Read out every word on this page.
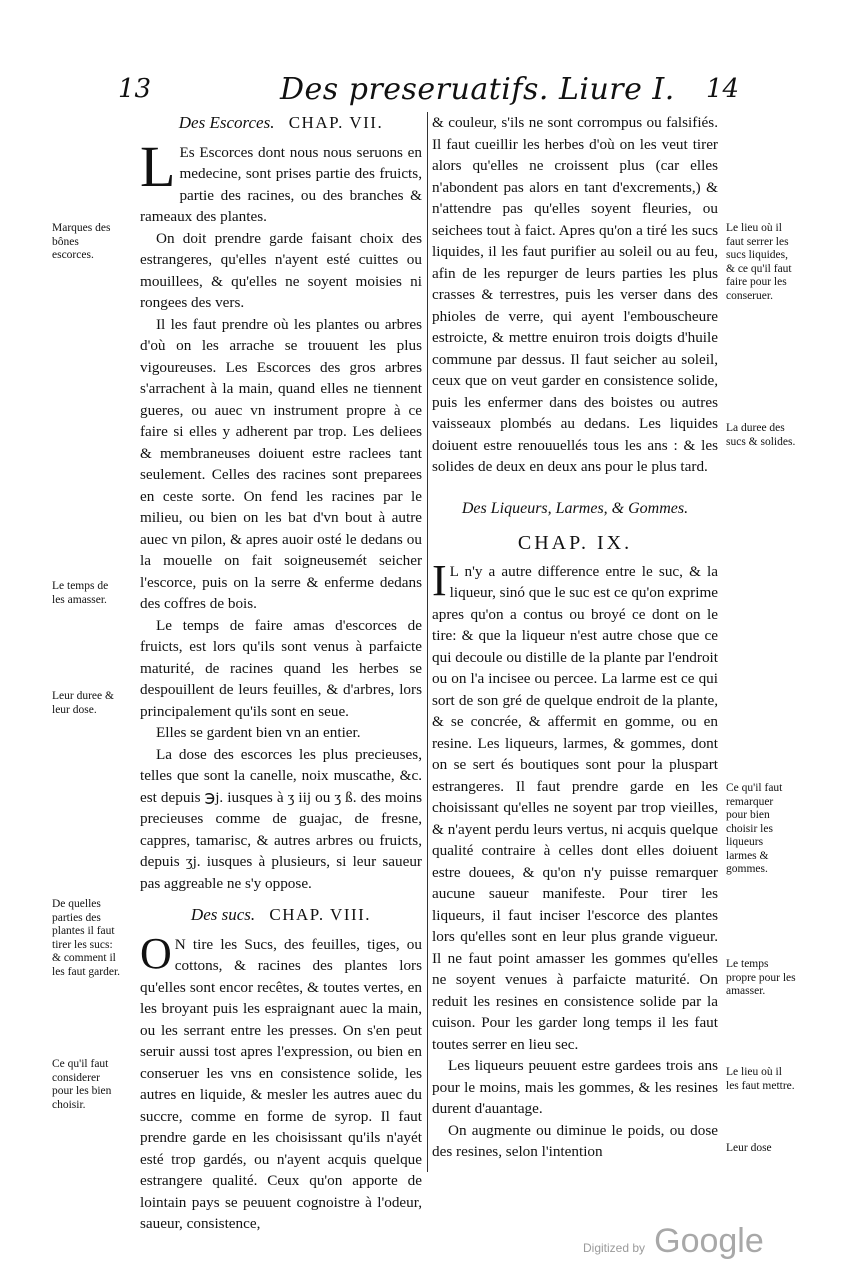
13	Des preseruatifs. Liure I. 14
Des Escorces. CHAP. VII.

L Es Escorces dont nous nous seruons en medecine, sont prises partie des fruicts, partie des racines, ou des branches & rameaux des plantes.

On doit prendre garde faisant choix des estrangeres, qu'elles n'ayent esté cuittes ou mouillees, & qu'elles ne soyent moisies ni rongees des vers.

Il les faut prendre où les plantes ou arbres d'où on les arrache se trouuent les plus vigoureuses. Les Escorces des gros arbres s'arrachent à la main, quand elles ne tiennent gueres, ou auec vn instrument propre à ce faire si elles y adherent par trop. Les deliees & membraneuses doiuent estre raclees tant seulement. Celles des racines sont preparees en ceste sorte. On fend les racines par le milieu, ou bien on les bat d'vn bout à autre auec vn pilon, & apres auoir osté le dedans ou la mouelle on fait soigneusemét seicher l'escorce, puis on la serre & enferme dedans des coffres de bois.

Le temps de faire amas d'escorces de fruicts, est lors qu'ils sont venus à parfaicte maturité, de racines quand les herbes se despouillent de leurs feuilles, & d'arbres, lors principalement qu'ils sont en seue.

Elles se gardent bien vn an entier.

La dose des escorces les plus precieuses, telles que sont la canelle, noix muscathe, &c. est depuis ℈j. iusques à ʒ iij ou ʒ ß. des moins precieuses comme de guajac, de fresne, cappres, tamarisc, & autres arbres ou fruicts, depuis ʒj. iusques à plusieurs, si leur saueur pas aggreable ne s'y oppose.

Des sucs. CHAP. VIII.

O N tire les Sucs, des feuilles, tiges, ou cottons, & racines des plantes lors qu'elles sont encor recêtes, & toutes vertes, en les broyant puis les espraignant auec la main, ou les serrant entre les presses. On s'en peut seruir aussi tost apres l'expression, ou bien en conseruer les vns en consistence solide, les autres en liquide, & mesler les autres auec du succre, comme en forme de syrop. Il faut prendre garde en les choisissant qu'ils n'ayét esté trop gardés, ou n'ayent acquis quelque estrangere qualité. Ceux qu'on apporte de lointain pays se peuuent cognoistre à l'odeur, saueur, consistence,

& couleur, s'ils ne sont corrompus ou falsifiés. Il faut cueillir les herbes d'où on les veut tirer alors qu'elles ne croissent plus (car elles n'abondent pas alors en tant d'excrements,) & n'attendre pas qu'elles soyent fleuries, ou seichees tout à faict. Apres qu'on a tiré les sucs liquides, il les faut purifier au soleil ou au feu, afin de les repurger de leurs parties les plus crasses & terrestres, puis les verser dans des phioles de verre, qui ayent l'embouscheure estroicte, & mettre enuiron trois doigts d'huile commune par dessus. Il faut seicher au soleil, ceux que on veut garder en consistence solide, puis les enfermer dans des boistes ou autres vaisseaux plombés au dedans. Les liquides doiuent estre renouuellés tous les ans : & les solides de deux en deux ans pour le plus tard.

Des Liqueurs, Larmes, & Gommes.
CHAP. IX.

I L n'y a autre difference entre le suc, & la liqueur, sinó que le suc est ce qu'on exprime apres qu'on a contus ou broyé ce dont on le tire: & que la liqueur n'est autre chose que ce qui decoule ou distille de la plante par l'endroit ou on l'a incisee ou percee. La larme est ce qui sort de son gré de quelque endroit de la plante, & se concrée, & affermit en gomme, ou en resine. Les liqueurs, larmes, & gommes, dont on se sert és boutiques sont pour la pluspart estrangeres. Il faut prendre garde en les choisissant qu'elles ne soyent par trop vieilles, & n'ayent perdu leurs vertus, ni acquis quelque qualité contraire à celles dont elles doiuent estre douees, & qu'on n'y puisse remarquer aucune saueur manifeste. Pour tirer les liqueurs, il faut inciser l'escorce des plantes lors qu'elles sont en leur plus grande vigueur. Il ne faut point amasser les gommes qu'elles ne soyent venues à parfaicte maturité. On reduit les resines en consistence solide par la cuison. Pour les garder long temps il les faut toutes serrer en lieu sec.

Les liqueurs peuuent estre gardees trois ans pour le moins, mais les gommes, & les resines durent d'auantage.

On augmente ou diminue le poids, ou dose des resines, selon l'intention

Marques des bônes escorces.
Le temps de les amasser.
Leur duree & leur dose.
De quelles parties des plantes il faut tirer les sucs: & comment il les faut garder.
Ce qu'il faut considerer pour les bien choisir.
Le lieu où il faut serrer les sucs liquides, & ce qu'il faut faire pour les conseruer.
La duree des sucs & solides.
Ce qu'il faut remarquer pour bien choisir les liqueurs larmes & gommes.
Le temps propre pour les amasser.
Le lieu où il les faut mettre.
Leur dose
Digitized by Google
